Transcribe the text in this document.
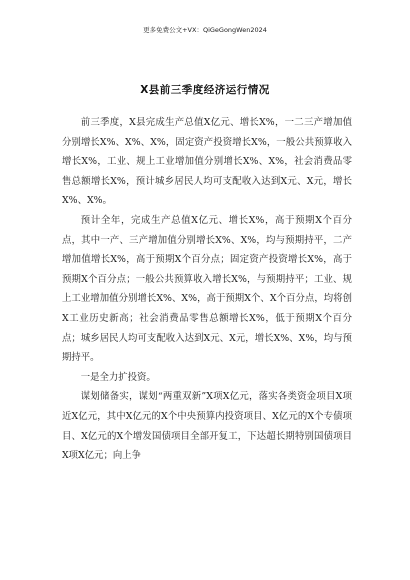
更多免费公文+VX：QiGeGongWen2024
X县前三季度经济运行情况

前三季度，X县完成生产总值X亿元、增长X%，一二三产增加值分别增长X%、X%、X%，固定资产投资增长X%，一般公共预算收入增长X%，工业、规上工业增加值分别增长X%、X%，社会消费品零售总额增长X%，预计城乡居民人均可支配收入达到X元、X元，增长X%、X%。

预计全年，完成生产总值X亿元、增长X%，高于预期X个百分点，其中一产、三产增加值分别增长X%、X%，均与预期持平，二产增加值增长X%，高于预期X个百分点；固定资产投资增长X%，高于预期X个百分点；一般公共预算收入增长X%，与预期持平；工业、规上工业增加值分别增长X%、X%，高于预期X个、X个百分点，均将创X工业历史新高；社会消费品零售总额增长X%，低于预期X个百分点；城乡居民人均可支配收入达到X元、X元，增长X%、X%，均与预期持平。

一是全力扩投资。

谋划储备实，谋划“两重双新”X项X亿元，落实各类资金项目X项近X亿元，其中X亿元的X个中央预算内投资项目、X亿元的X个专债项目、X亿元的X个增发国债项目全部开复工，下达超长期特别国债项目X项X亿元；向上争
